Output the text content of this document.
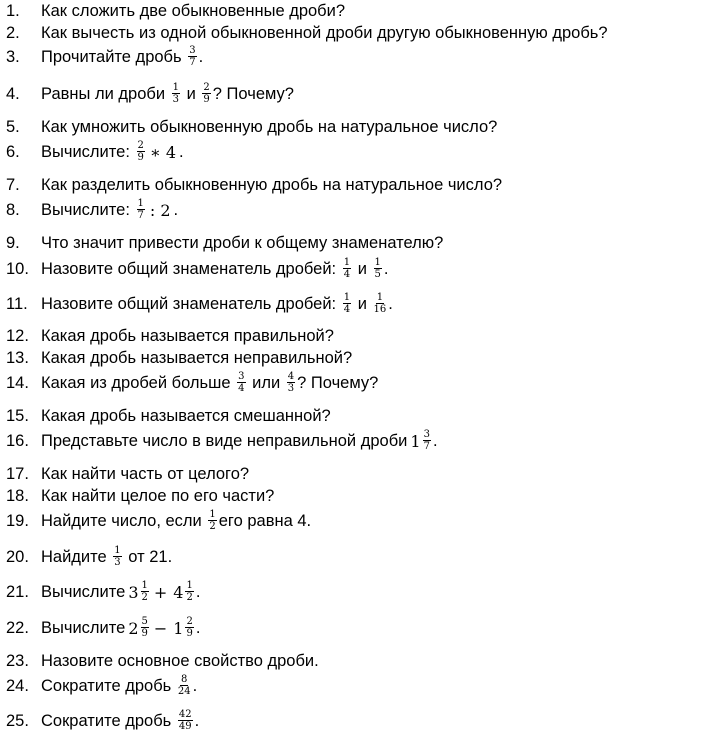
1. Как сложить две обыкновенные дроби?
2. Как вычесть из одной обыкновенной дроби другую обыкновенную дробь?
3. Прочитайте дробь
$\frac{3}{7}$ .
4. Равны ли дроби
$\frac{1}{3}$
и
$\frac{2}{9}$ ? Почему?
5. Как умножить обыкновенную дробь на натуральное число?
6. Вычислите:
$\frac{2}{9}$ ∗ 4 .
7. Как разделить обыкновенную дробь на натуральное число?
8. Вычислите:
$\frac{1}{7}$ : 2 .
9. Что значит привести дроби к общему знаменателю?
10. Назовите общий знаменатель дробей:
$\frac{1}{4}$
и
$\frac{1}{5}$ .
11. Назовите общий знаменатель дробей:
$\frac{1}{4}$
и
$\frac{1}{16}$ .
12. Какая дробь называется правильной?
13. Какая дробь называется неправильной?
14. Какая из дробей больше
$\frac{3}{4}$
или
$\frac{4}{3}$ ? Почему?
15. Какая дробь называется смешанной?
16. Представьте число в виде неправильной дроби $1 \frac{3}{7}$ .
17. Как найти часть от целого?
18. Как найти целое по его части?
19. Найдите число, если
$\frac{1}{2}$ его равна 4.
20. Найдите
$\frac{1}{3}$
от 21.
21. Вычислите $3 \frac{1}{2} + 4 \frac{1}{2}$ .
22. Вычислите $2 \frac{5}{9} - 1 \frac{2}{9}$ .
23. Назовите основное свойство дроби.
24. Сократите дробь
$\frac{8}{24}$ .
25. Сократите дробь
$\frac{42}{49}$ .
